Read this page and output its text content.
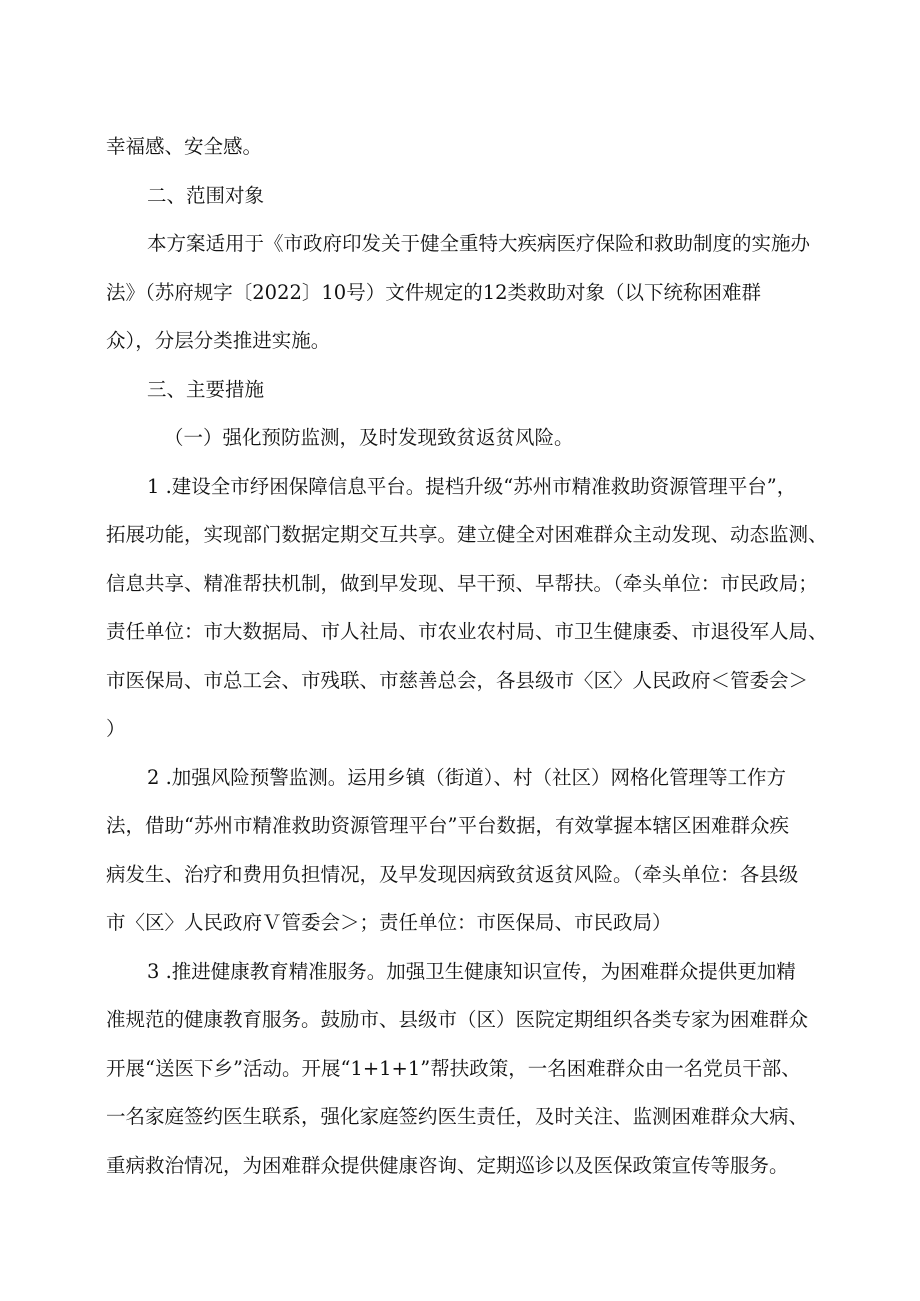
幸福感、安全感。
二、范围对象
本方案适用于《市政府印发关于健全重特大疾病医疗保险和救助制度的实施办
法》（苏府规字〔2022〕10号）文件规定的12类救助对象（以下统称困难群
众），分层分类推进实施。
三、主要措施
（一）强化预防监测，及时发现致贫返贫风险。
1 .建设全市纾困保障信息平台。提档升级“苏州市精准救助资源管理平台”，
拓展功能，实现部门数据定期交互共享。建立健全对困难群众主动发现、动态监测、
信息共享、精准帮扶机制，做到早发现、早干预、早帮扶。（牵头单位：市民政局；
责任单位：市大数据局、市人社局、市农业农村局、市卫生健康委、市退役军人局、
市医保局、市总工会、市残联、市慈善总会，各县级市〈区〉人民政府＜管委会＞
）
2 .加强风险预警监测。运用乡镇（街道）、村（社区）网格化管理等工作方
法，借助“苏州市精准救助资源管理平台”平台数据，有效掌握本辖区困难群众疾
病发生、治疗和费用负担情况，及早发现因病致贫返贫风险。（牵头单位：各县级
市〈区〉人民政府Ｖ管委会＞；责任单位：市医保局、市民政局）
3 .推进健康教育精准服务。加强卫生健康知识宣传，为困难群众提供更加精
准规范的健康教育服务。鼓励市、县级市（区）医院定期组织各类专家为困难群众
开展“送医下乡”活动。开展“1+1+1”帮扶政策，一名困难群众由一名党员干部、
一名家庭签约医生联系，强化家庭签约医生责任，及时关注、监测困难群众大病、
重病救治情况，为困难群众提供健康咨询、定期巡诊以及医保政策宣传等服务。
